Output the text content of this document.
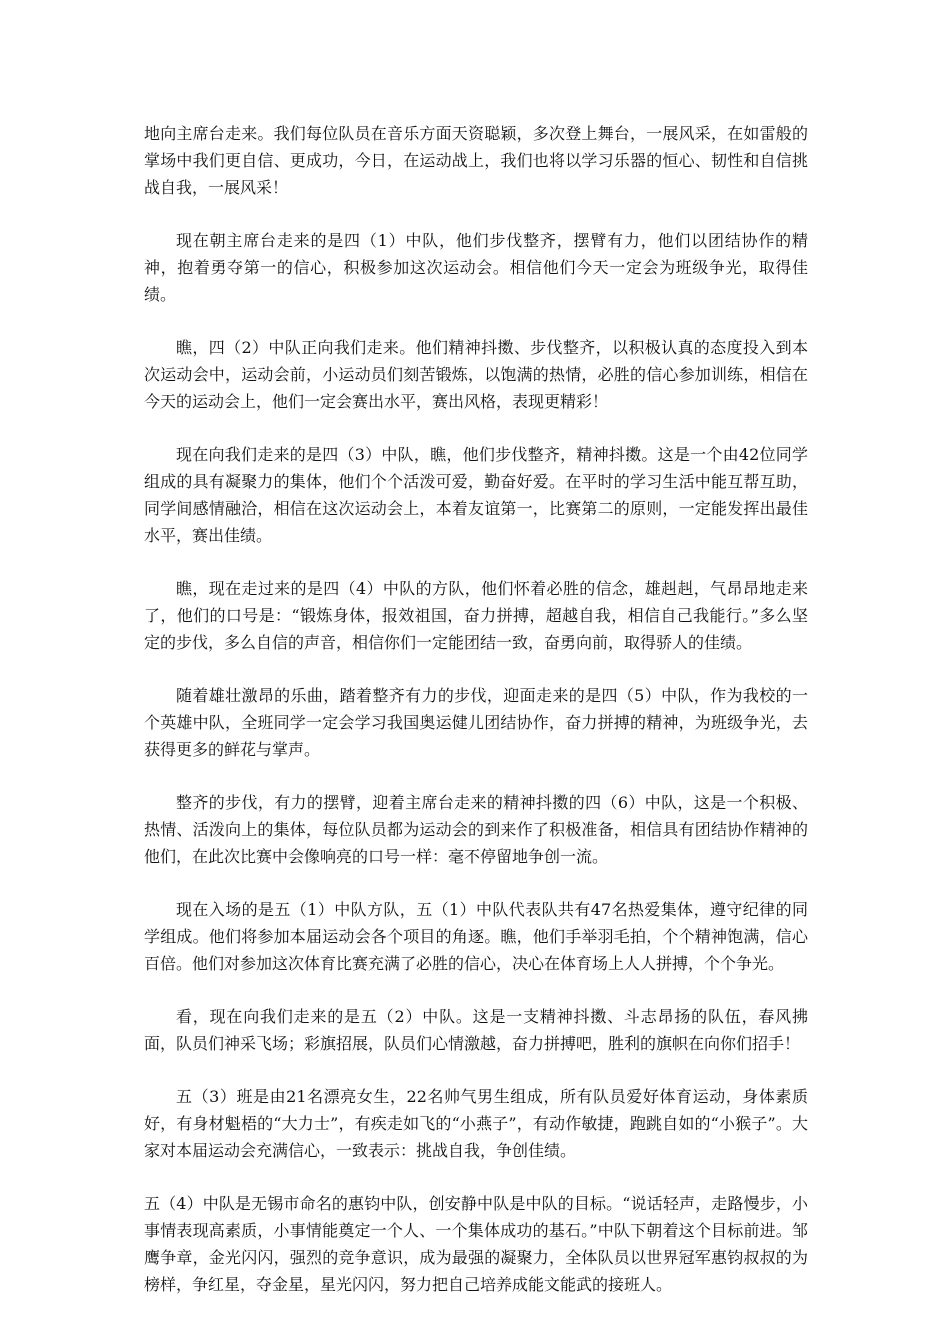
地向主席台走来。我们每位队员在音乐方面天资聪颖，多次登上舞台，一展风采，在如雷般的掌场中我们更自信、更成功，今日，在运动战上，我们也将以学习乐器的恒心、韧性和自信挑战自我，一展风采！

现在朝主席台走来的是四（1）中队，他们步伐整齐，摆臂有力，他们以团结协作的精神，抱着勇夺第一的信心，积极参加这次运动会。相信他们今天一定会为班级争光，取得佳绩。

瞧，四（2）中队正向我们走来。他们精神抖擞、步伐整齐，以积极认真的态度投入到本次运动会中，运动会前，小运动员们刻苦锻炼，以饱满的热情，必胜的信心参加训练，相信在今天的运动会上，他们一定会赛出水平，赛出风格，表现更精彩！

现在向我们走来的是四（3）中队，瞧，他们步伐整齐，精神抖擞。这是一个由42位同学组成的具有凝聚力的集体，他们个个活泼可爱，勤奋好爱。在平时的学习生活中能互帮互助，同学间感情融洽，相信在这次运动会上，本着友谊第一，比赛第二的原则，一定能发挥出最佳水平，赛出佳绩。

瞧，现在走过来的是四（4）中队的方队，他们怀着必胜的信念，雄赳赳，气昂昂地走来了，他们的口号是：“锻炼身体，报效祖国，奋力拼搏，超越自我，相信自己我能行。”多么坚定的步伐，多么自信的声音，相信你们一定能团结一致，奋勇向前，取得骄人的佳绩。

随着雄壮激昂的乐曲，踏着整齐有力的步伐，迎面走来的是四（5）中队，作为我校的一个英雄中队，全班同学一定会学习我国奥运健儿团结协作，奋力拼搏的精神，为班级争光，去获得更多的鲜花与掌声。

整齐的步伐，有力的摆臂，迎着主席台走来的精神抖擞的四（6）中队，这是一个积极、热情、活泼向上的集体，每位队员都为运动会的到来作了积极准备，相信具有团结协作精神的他们，在此次比赛中会像响亮的口号一样：毫不停留地争创一流。

现在入场的是五（1）中队方队，五（1）中队代表队共有47名热爱集体，遵守纪律的同学组成。他们将参加本届运动会各个项目的角逐。瞧，他们手举羽毛拍，个个精神饱满，信心百倍。他们对参加这次体育比赛充满了必胜的信心，决心在体育场上人人拼搏，个个争光。

看，现在向我们走来的是五（2）中队。这是一支精神抖擞、斗志昂扬的队伍，春风拂面，队员们神采飞场；彩旗招展，队员们心情激越，奋力拼搏吧，胜利的旗帜在向你们招手！

五（3）班是由21名漂亮女生，22名帅气男生组成，所有队员爱好体育运动，身体素质好，有身材魁梧的“大力士”，有疾走如飞的“小燕子”，有动作敏捷，跑跳自如的“小猴子”。大家对本届运动会充满信心，一致表示：挑战自我，争创佳绩。

五（4）中队是无锡市命名的惠钧中队，创安静中队是中队的目标。“说话轻声，走路慢步，小事情表现高素质，小事情能奠定一个人、一个集体成功的基石。”中队下朝着这个目标前进。邹鹰争章，金光闪闪，强烈的竞争意识，成为最强的凝聚力，全体队员以世界冠军惠钧叔叔的为榜样，争红星，夺金星，星光闪闪，努力把自己培养成能文能武的接班人。
